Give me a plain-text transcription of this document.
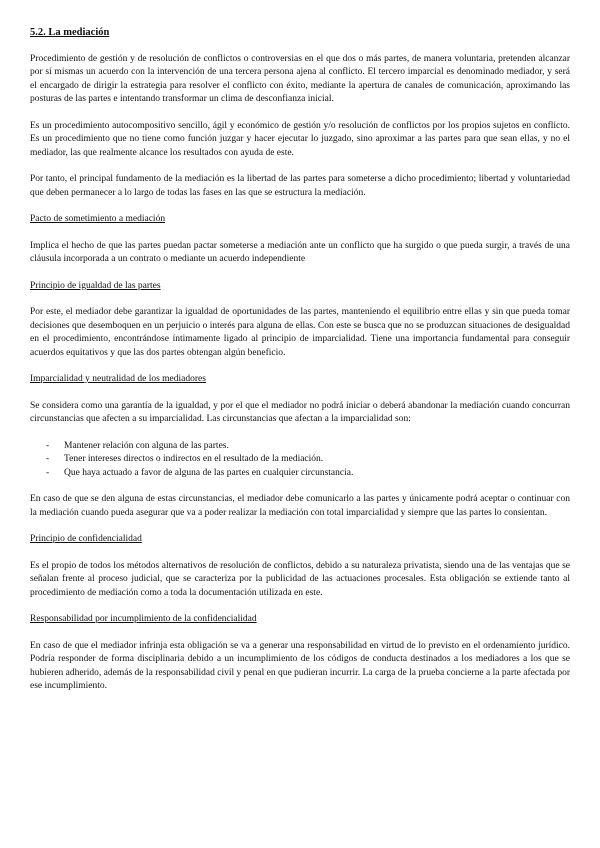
5.2. La mediación

Procedimiento de gestión y de resolución de conflictos o controversias en el que dos o más partes, de manera voluntaria, pretenden alcanzar por sí mismas un acuerdo con la intervención de una tercera persona ajena al conflicto. El tercero imparcial es denominado mediador, y será el encargado de dirigir la estrategia para resolver el conflicto con éxito, mediante la apertura de canales de comunicación, aproximando las posturas de las partes e intentando transformar un clima de desconfianza inicial.

Es un procedimiento autocompositivo sencillo, ágil y económico de gestión y/o resolución de conflictos por los propios sujetos en conflicto. Es un procedimiento que no tiene como función juzgar y hacer ejecutar lo juzgado, sino aproximar a las partes para que sean ellas, y no el mediador, las que realmente alcance los resultados con ayuda de este.

Por tanto, el principal fundamento de la mediación es la libertad de las partes para someterse a dicho procedimiento; libertad y voluntariedad que deben permanecer a lo largo de todas las fases en las que se estructura la mediación.

Pacto de sometimiento a mediación

Implica el hecho de que las partes puedan pactar someterse a mediación ante un conflicto que ha surgido o que pueda surgir, a través de una cláusula incorporada a un contrato o mediante un acuerdo independiente

Principio de igualdad de las partes

Por este, el mediador debe garantizar la igualdad de oportunidades de las partes, manteniendo el equilibrio entre ellas y sin que pueda tomar decisiones que desemboquen en un perjuicio o interés para alguna de ellas. Con este se busca que no se produzcan situaciones de desigualdad en el procedimiento, encontrándose íntimamente ligado al principio de imparcialidad. Tiene una importancia fundamental para conseguir acuerdos equitativos y que las dos partes obtengan algún beneficio.

Imparcialidad y neutralidad de los mediadores

Se considera como una garantía de la igualdad, y por el que el mediador no podrá iniciar o deberá abandonar la mediación cuando concurran circunstancias que afecten a su imparcialidad. Las circunstancias que afectan a la imparcialidad son:

- Mantener relación con alguna de las partes.
- Tener intereses directos o indirectos en el resultado de la mediación.
- Que haya actuado a favor de alguna de las partes en cualquier circunstancia.

En caso de que se den alguna de estas circunstancias, el mediador debe comunicarlo a las partes y únicamente podrá aceptar o continuar con la mediación cuando pueda asegurar que va a poder realizar la mediación con total imparcialidad y siempre que las partes lo consientan.

Principio de confidencialidad

Es el propio de todos los métodos alternativos de resolución de conflictos, debido a su naturaleza privatista, siendo una de las ventajas que se señalan frente al proceso judicial, que se caracteriza por la publicidad de las actuaciones procesales. Esta obligación se extiende tanto al procedimiento de mediación como a toda la documentación utilizada en este.

Responsabilidad por incumplimiento de la confidencialidad

En caso de que el mediador infrinja esta obligación se va a generar una responsabilidad en virtud de lo previsto en el ordenamiento jurídico. Podría responder de forma disciplinaria debido a un incumplimiento de los códigos de conducta destinados a los mediadores a los que se hubieren adherido, además de la responsabilidad civil y penal en que pudieran incurrir. La carga de la prueba concierne a la parte afectada por ese incumplimiento.
